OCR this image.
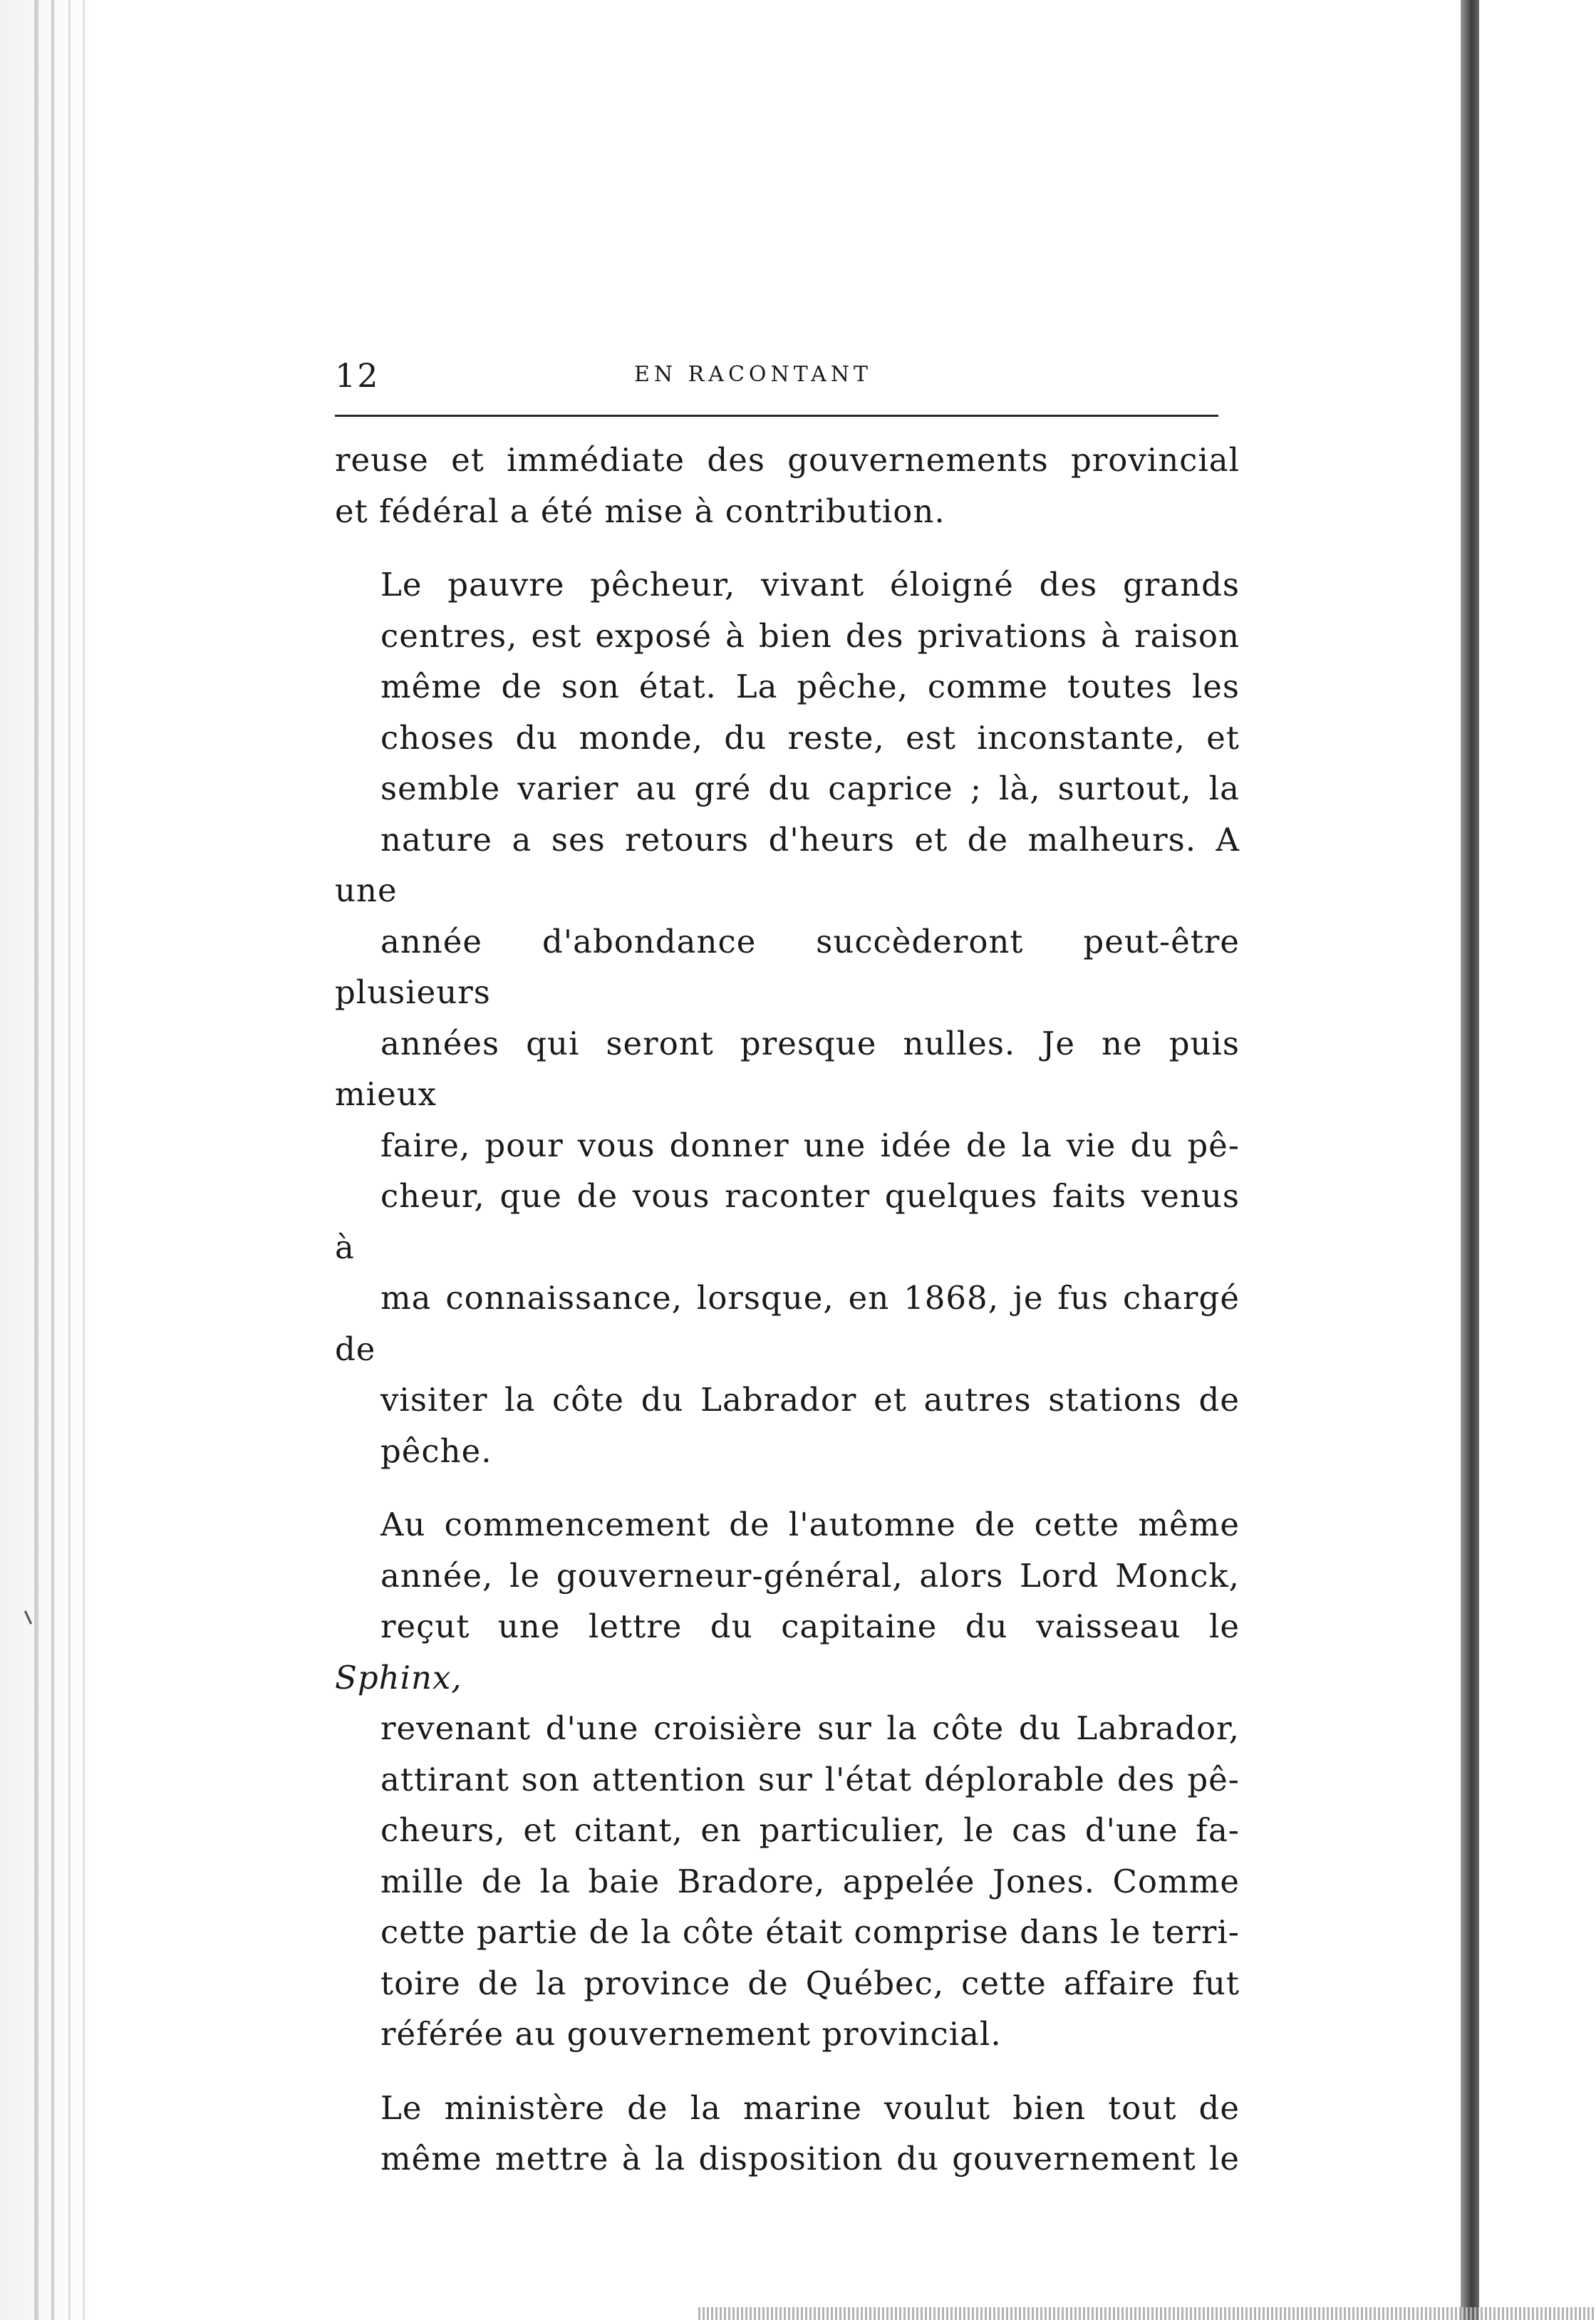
12	EN RACONTANT

reuse et immédiate des gouvernements provincial
et fédéral a été mise à contribution.

Le pauvre pêcheur, vivant éloigné des grands
centres, est exposé à bien des privations à raison
même de son état. La pêche, comme toutes les
choses du monde, du reste, est inconstante, et
semble varier au gré du caprice ; là, surtout, la
nature a ses retours d'heurs et de malheurs. A une
année d'abondance succèderont peut-être plusieurs
années qui seront presque nulles. Je ne puis mieux
faire, pour vous donner une idée de la vie du pê-
cheur, que de vous raconter quelques faits venus à
ma connaissance, lorsque, en 1868, je fus chargé de
visiter la côte du Labrador et autres stations de
pêche.

Au commencement de l'automne de cette même
année, le gouverneur-général, alors Lord Monck,
reçut une lettre du capitaine du vaisseau le Sphinx,
revenant d'une croisière sur la côte du Labrador,
attirant son attention sur l'état déplorable des pê-
cheurs, et citant, en particulier, le cas d'une fa-
mille de la baie Bradore, appelée Jones. Comme
cette partie de la côte était comprise dans le terri-
toire de la province de Québec, cette affaire fut
référée au gouvernement provincial.

Le ministère de la marine voulut bien tout de
même mettre à la disposition du gouvernement le
